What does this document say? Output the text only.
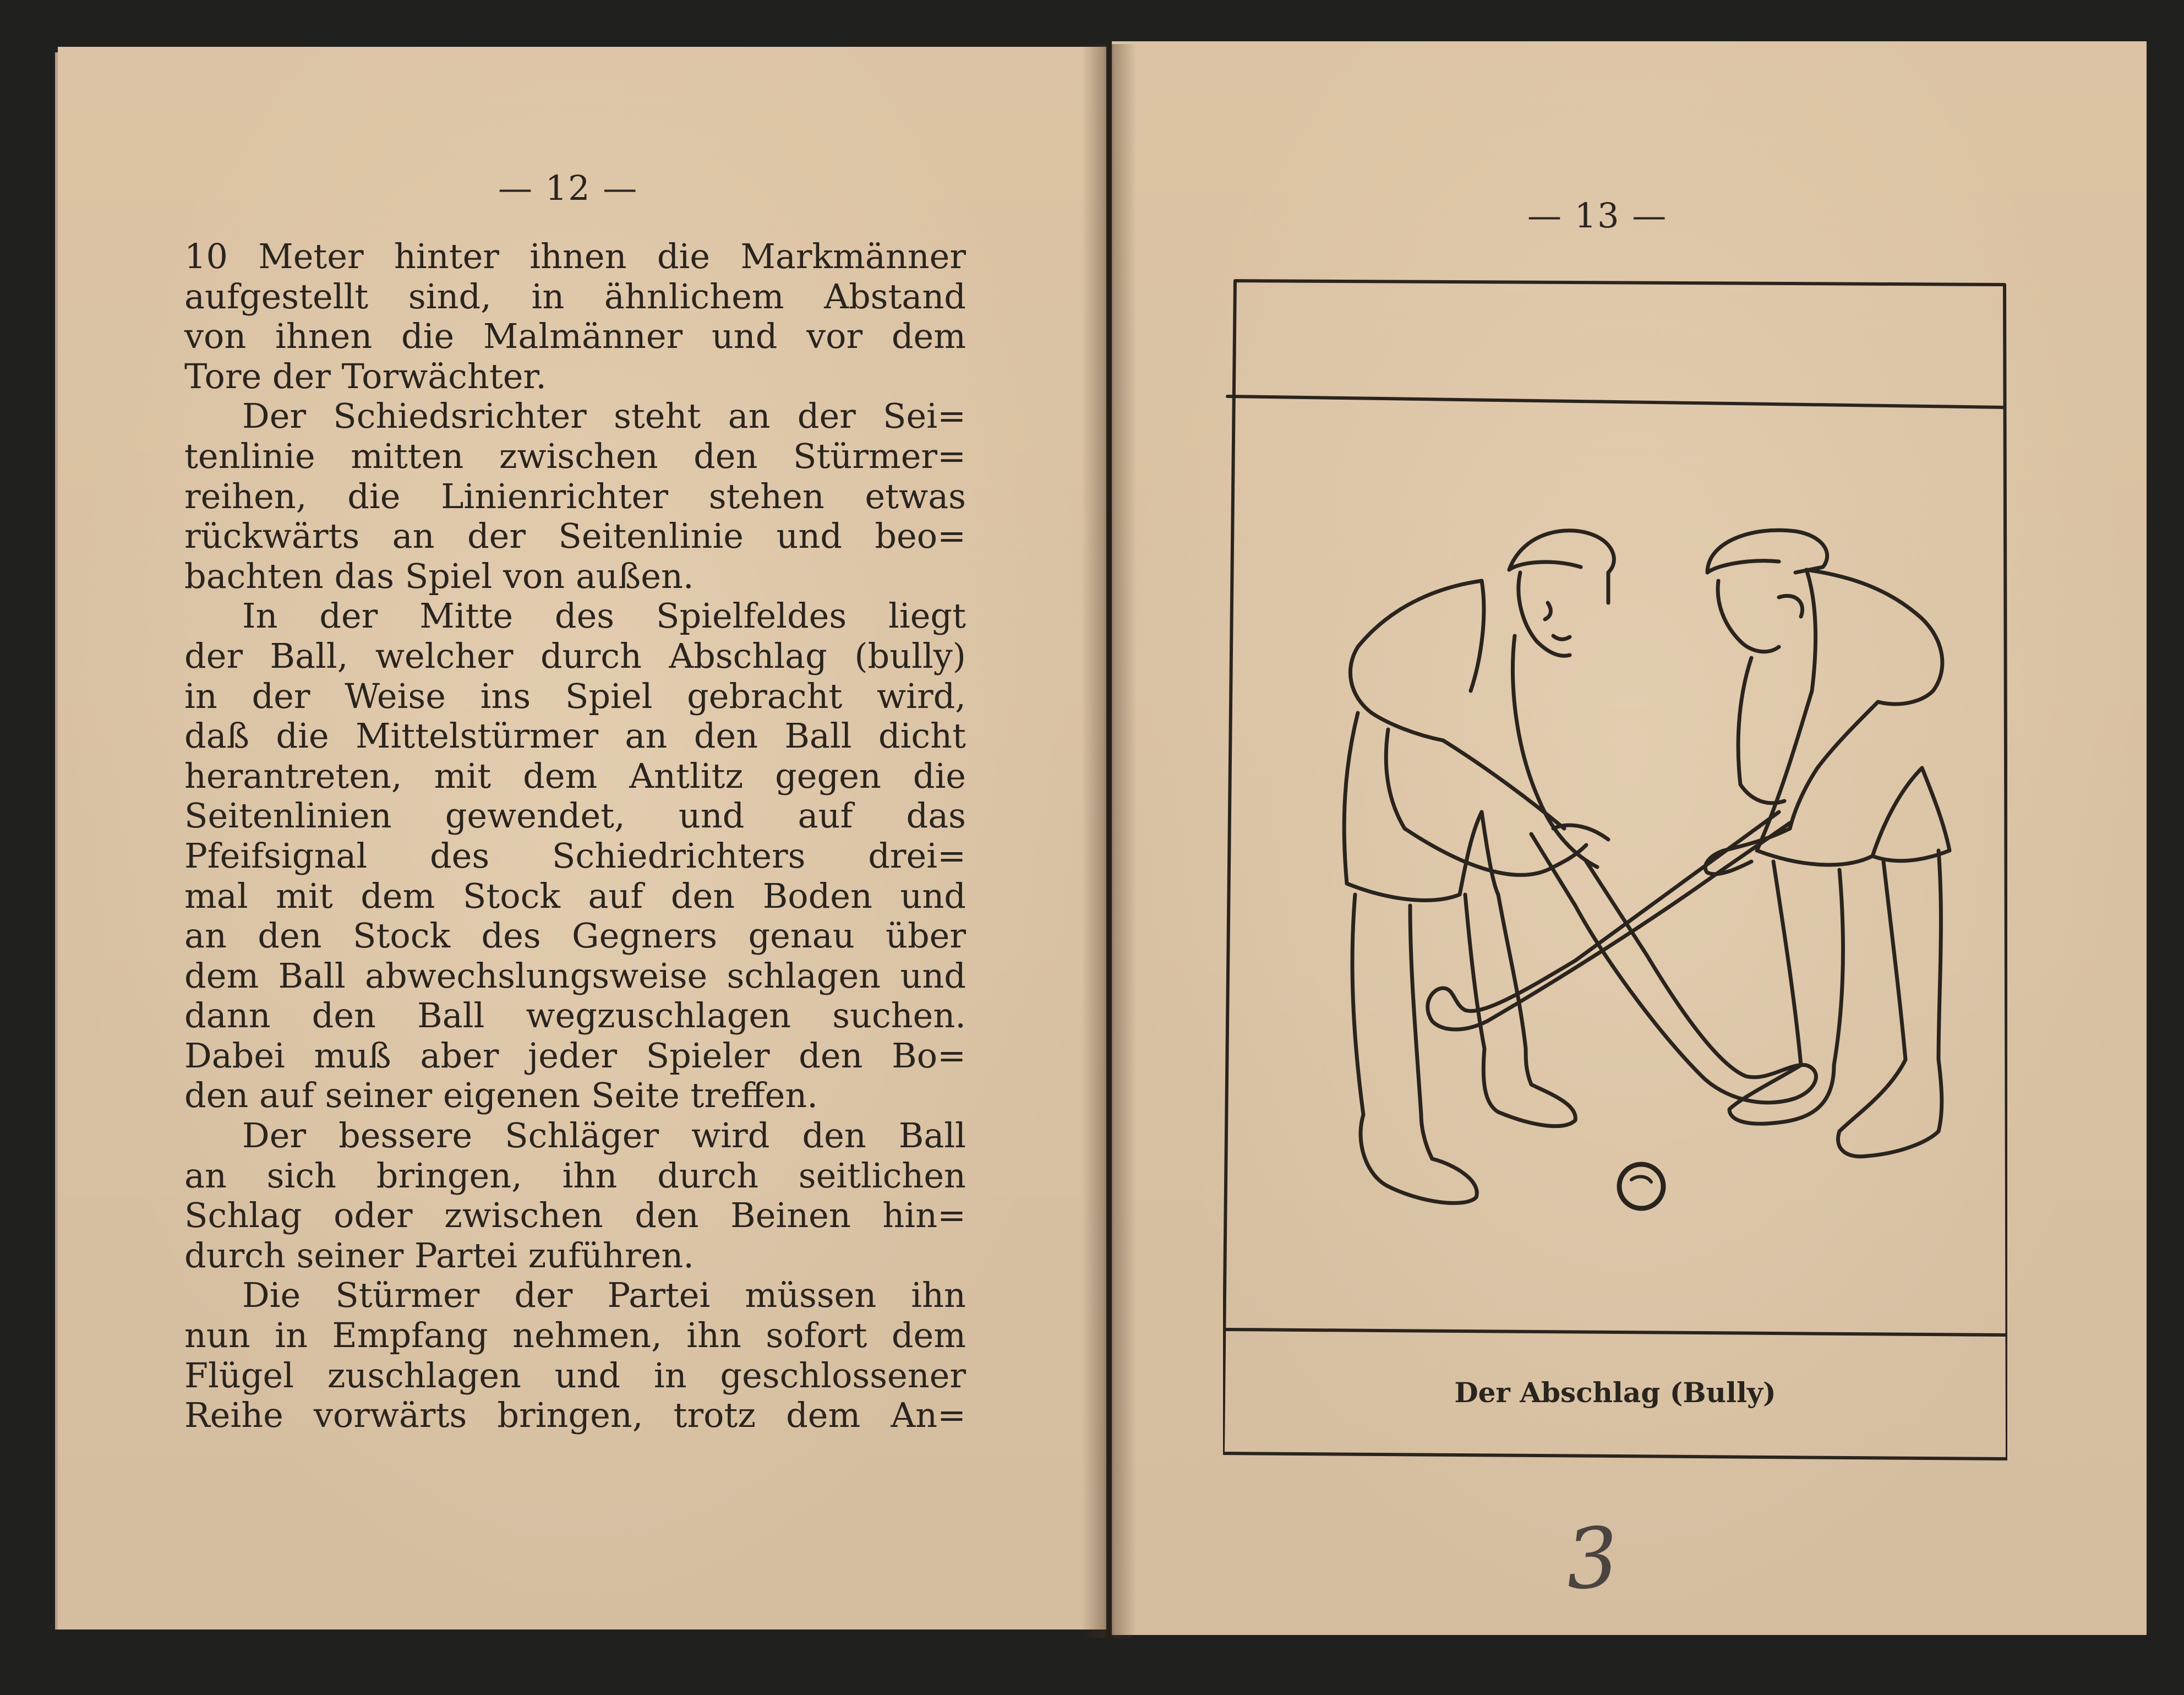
— 12 —
— 13 —
10 Meter hinter ihnen die Markmänner
aufgestellt sind, in ähnlichem Abstand
von ihnen die Malmänner und vor dem
Tore der Torwächter.
Der Schiedsrichter steht an der Sei=
tenlinie mitten zwischen den Stürmer=
reihen, die Linienrichter stehen etwas
rückwärts an der Seitenlinie und beo=
bachten das Spiel von außen.
In der Mitte des Spielfeldes liegt
der Ball, welcher durch Abschlag (bully)
in der Weise ins Spiel gebracht wird,
daß die Mittelstürmer an den Ball dicht
herantreten, mit dem Antlitz gegen die
Seitenlinien gewendet, und auf das
Pfeifsignal des Schiedrichters drei=
mal mit dem Stock auf den Boden und
an den Stock des Gegners genau über
dem Ball abwechslungsweise schlagen und
dann den Ball wegzuschlagen suchen.
Dabei muß aber jeder Spieler den Bo=
den auf seiner eigenen Seite treffen.
Der bessere Schläger wird den Ball
an sich bringen, ihn durch seitlichen
Schlag oder zwischen den Beinen hin=
durch seiner Partei zuführen.
Die Stürmer der Partei müssen ihn
nun in Empfang nehmen, ihn sofort dem
Flügel zuschlagen und in geschlossener
Reihe vorwärts bringen, trotz dem An=
Der Abschlag (Bully)
3
